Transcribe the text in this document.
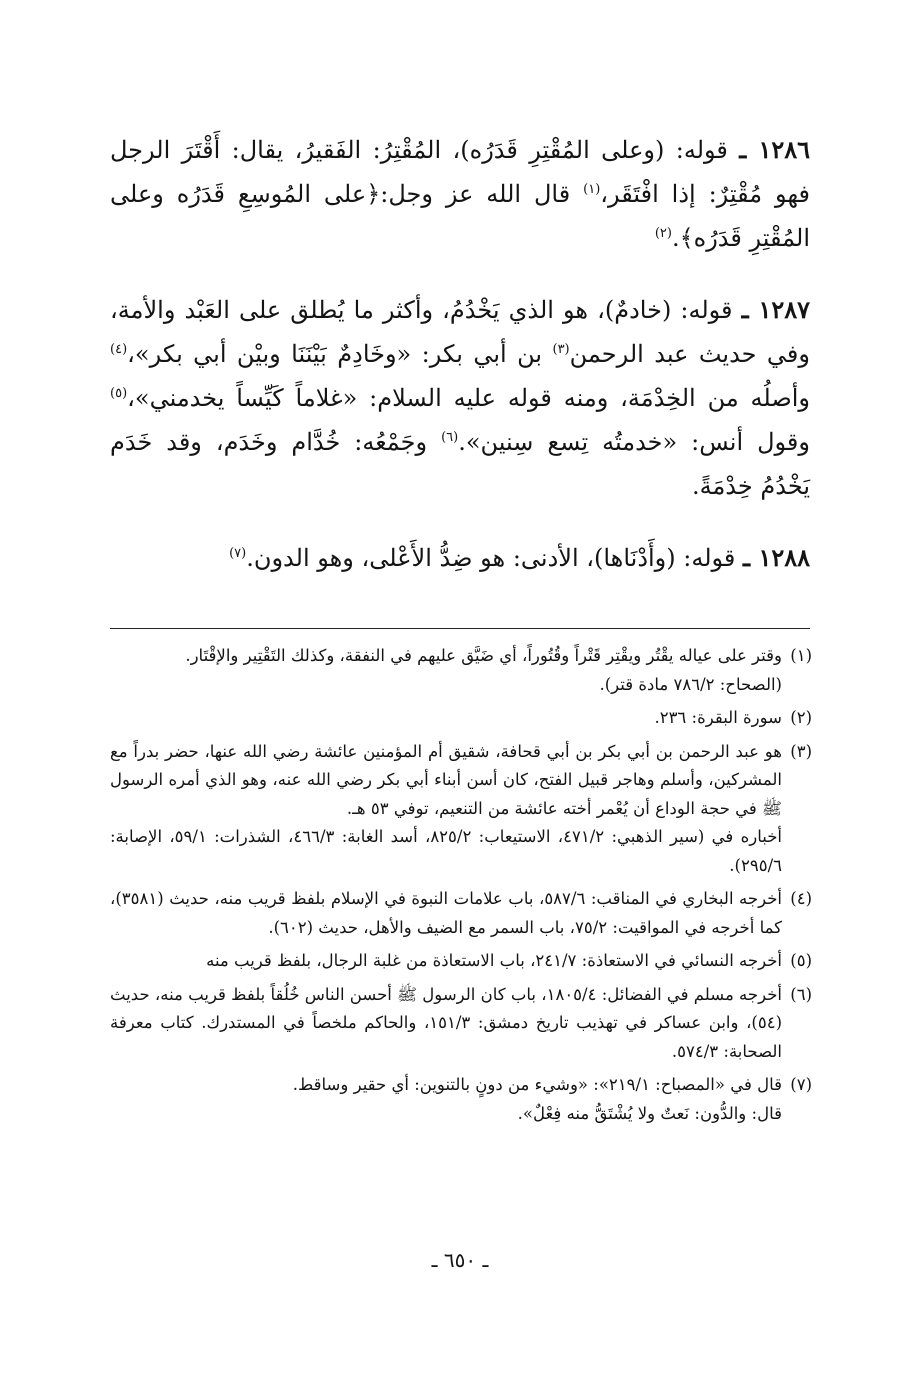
١٢٨٦ ـ قوله: (وعلى المُقْتِرِ قَدَرُه)، المُقْتِرُ: الفَقيرُ، يقال: أَقْتَرَ الرجل فهو مُقْتِرٌ: إذا افْتَقَر،$^{(١)}$ قال الله عز وجل:﴿على المُوسِعِ قَدَرُه وعلى المُقْتِرِ قَدَرُه﴾.$^{(٢)}$

١٢٨٧ ـ قوله: (خادمٌ)، هو الذي يَخْدُمُ، وأكثر ما يُطلق على العَبْد والأمة، وفي حديث عبد الرحمن$^{(٣)}$ بن أبي بكر: «وخَادِمٌ بَيْنَنَا وبيْن أبي بكر»،$^{(٤)}$ وأصلُه من الخِدْمَة، ومنه قوله عليه السلام: «غلاماً كَيِّساً يخدمني»،$^{(٥)}$ وقول أنس: «خدمتُه تِسع سِنين».$^{(٦)}$ وجَمْعُه: خُدَّام وخَدَم، وقد خَدَم يَخْدُمُ خِدْمَةً.

١٢٨٨ ـ قوله: (وأَدْنَاها)، الأدنى: هو ضِدُّ الأَعْلى، وهو الدون.$^{(٧)}$

(١)
وقتر على عياله يقْتُر ويقْتِر قَتْراً وقُتُوراً، أي ضَيَّق عليهم في النفقة، وكذلك التَقْتِير والإقْتَار.
(الصحاح: ٧٨٦/٢ مادة قتر).
(٢)
سورة البقرة: ٢٣٦.
(٣)
هو عبد الرحمن بن أبي بكر بن أبي قحافة، شقيق أم المؤمنين عائشة رضي الله عنها، حضر بدراً مع المشركين، وأسلم وهاجر قبيل الفتح، كان أسن أبناء أبي بكر رضي الله عنه، وهو الذي أمره الرسول ﷺ في حجة الوداع أن يُعْمر أخته عائشة من التنعيم، توفي ٥٣ هـ.
أخباره في (سير الذهبي: ٤٧١/٢، الاستيعاب: ٨٢٥/٢، أسد الغابة: ٤٦٦/٣، الشذرات: ٥٩/١، الإصابة: ٢٩٥/٦).
(٤)
أخرجه البخاري في المناقب: ٥٨٧/٦، باب علامات النبوة في الإسلام بلفظ قريب منه، حديث (٣٥٨١)، كما أخرجه في المواقيت: ٧٥/٢، باب السمر مع الضيف والأهل، حديث (٦٠٢).
(٥)
أخرجه النسائي في الاستعاذة: ٢٤١/٧، باب الاستعاذة من غلبة الرجال، بلفظ قريب منه
(٦)
أخرجه مسلم في الفضائل: ١٨٠٥/٤، باب كان الرسول ﷺ أحسن الناس خُلُقاً بلفظ قريب منه، حديث (٥٤)، وابن عساكر في تهذيب تاريخ دمشق: ١٥١/٣، والحاكم ملخصاً في المستدرك. كتاب معرفة الصحابة: ٥٧٤/٣.
(٧)
قال في «المصباح: ٢١٩/١»: «وشيء من دونٍ بالتنوين: أي حقير وساقط.
قال: والدُّون: نَعتٌ ولا يُشْتَقُّ منه فِعْلٌ».
ـ ٦٥٠ ـ
